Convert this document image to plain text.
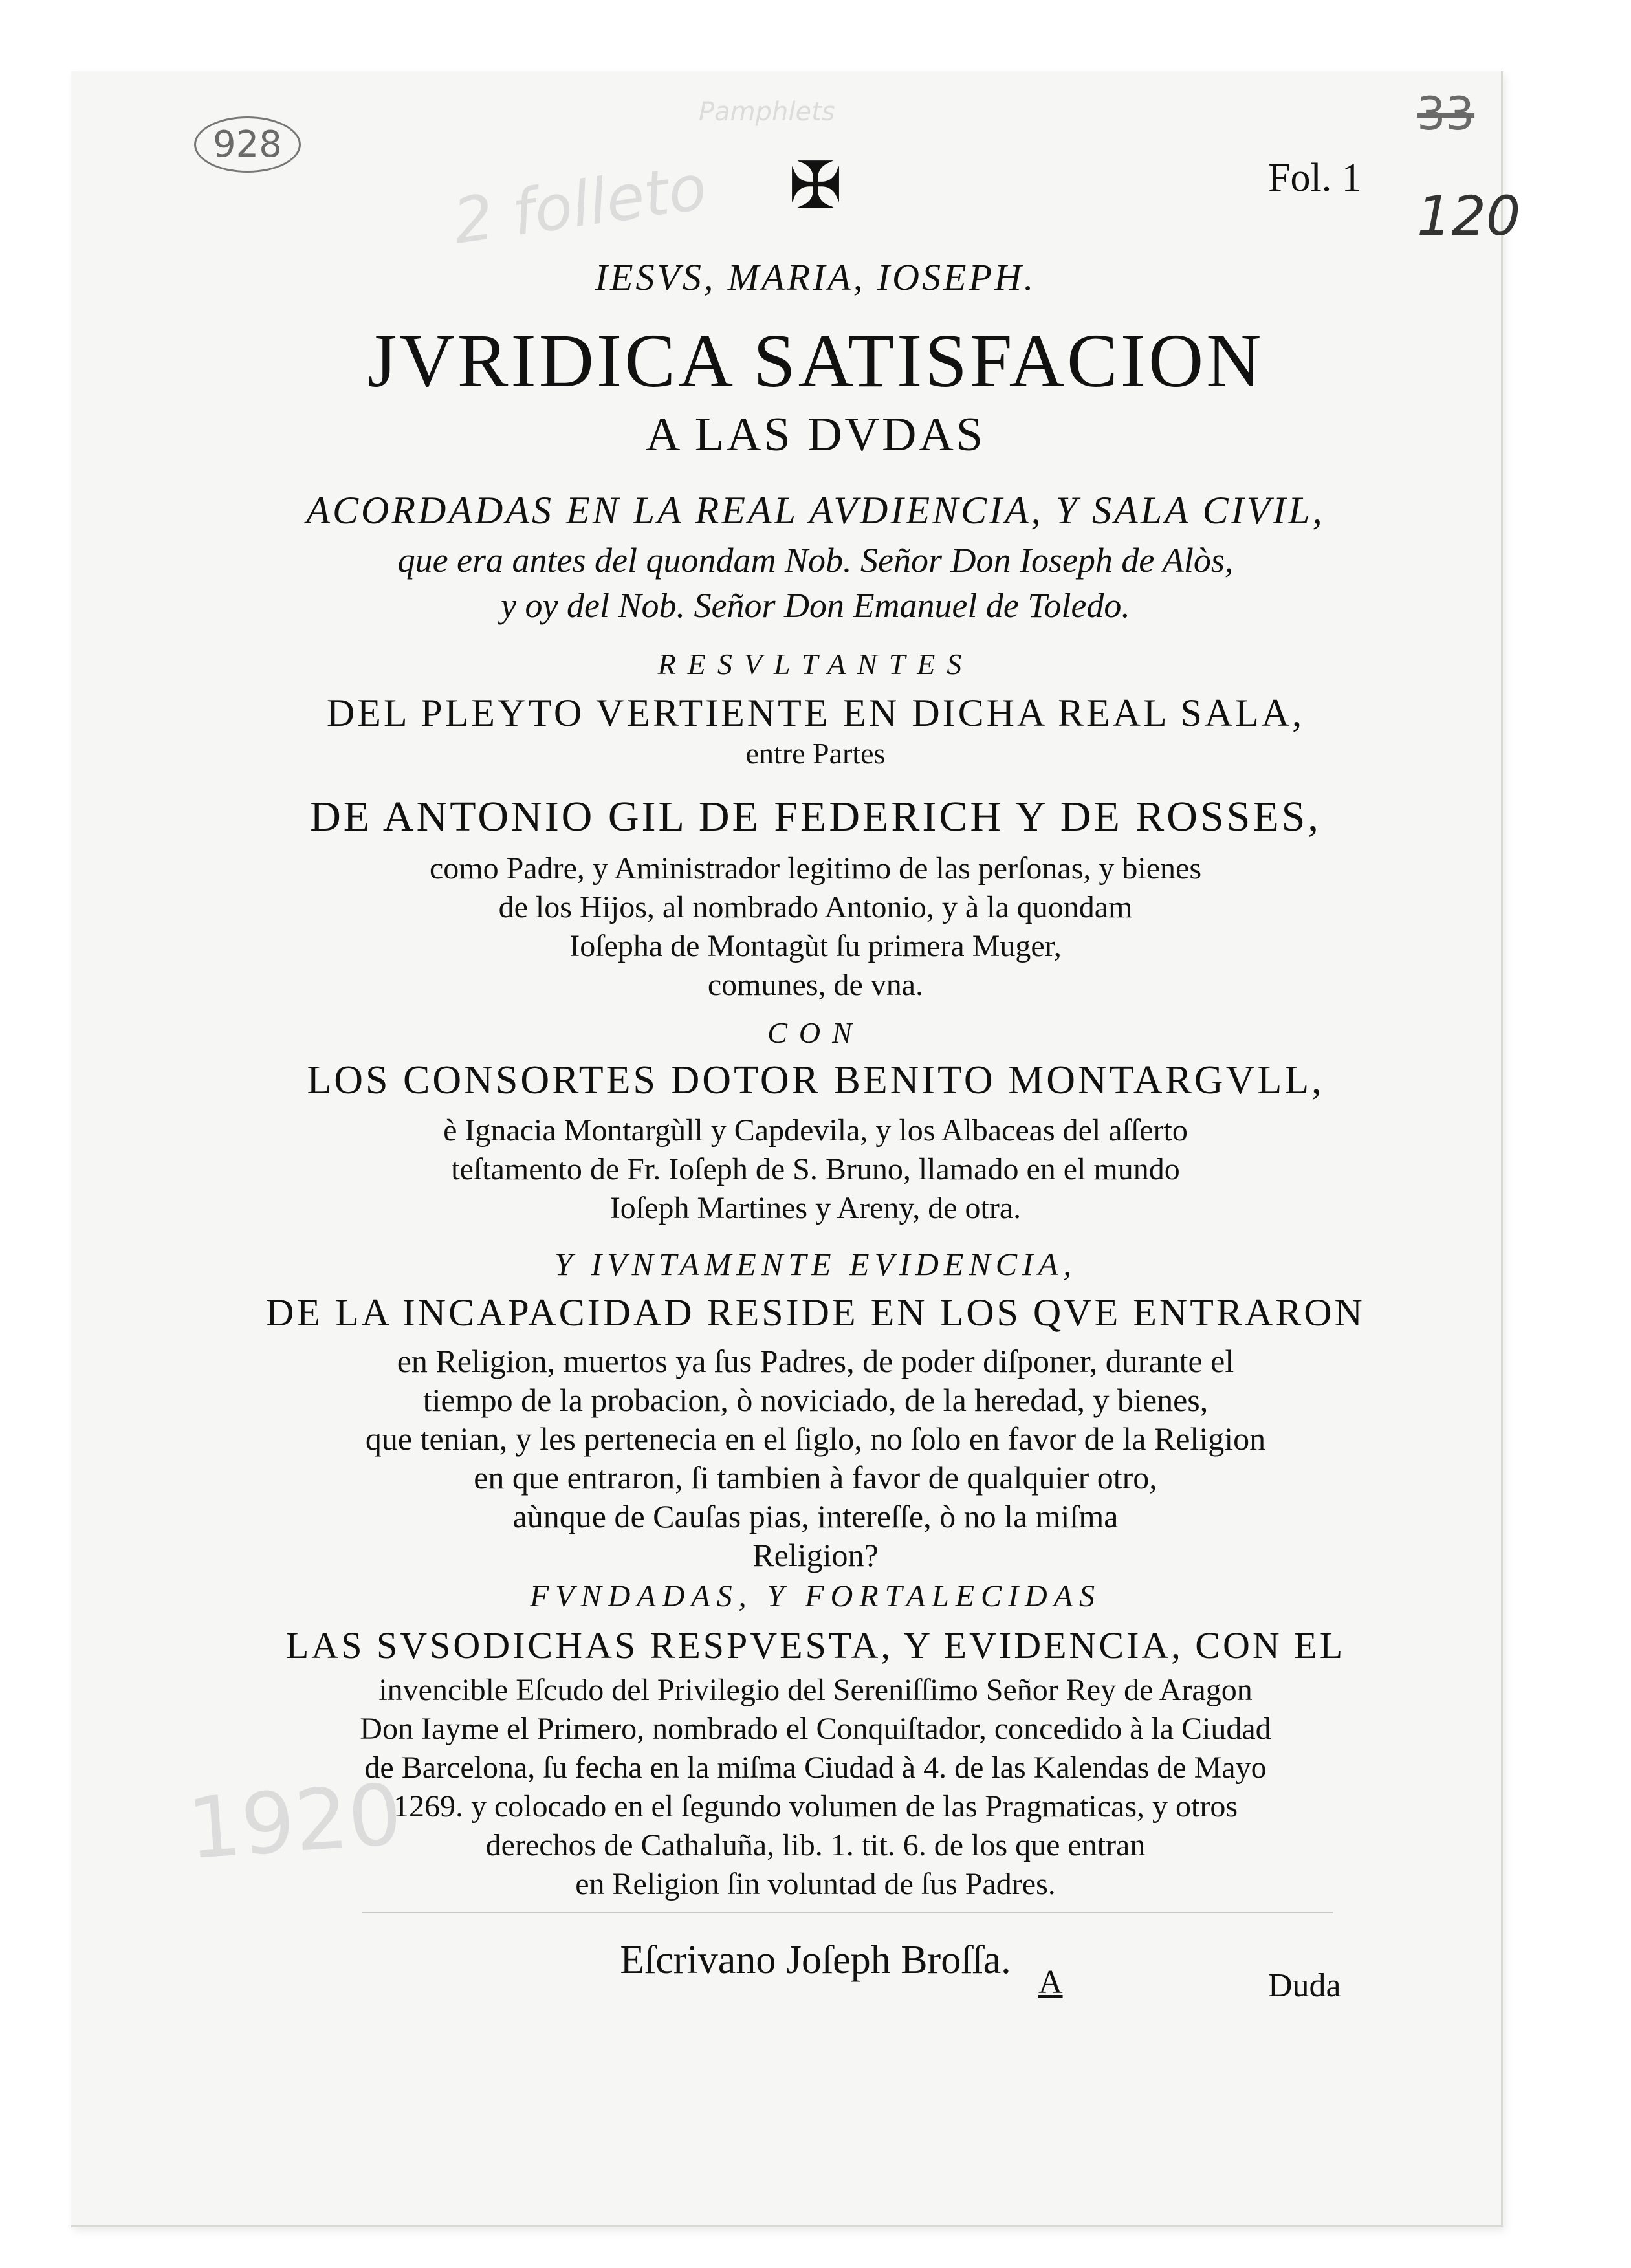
928
2 folleto
Pamphlets	33
120
1920
✠	Fol. 1
IESVS, MARIA, IOSEPH.
JVRIDICA SATISFACION
A LAS DVDAS
ACORDADAS EN LA REAL AVDIENCIA, Y SALA CIVIL,
que era antes del quondam Nob. Señor Don Ioseph de Alòs,
y oy del Nob. Señor Don Emanuel de Toledo.
RESVLTANTES
DEL PLEYTO VERTIENTE EN DICHA REAL SALA,
entre Partes
DE ANTONIO GIL DE FEDERICH Y DE ROSSES,
como Padre, y Aministrador legitimo de las perſonas, y bienes
de los Hijos, al nombrado Antonio, y à la quondam
Ioſepha de Montagùt ſu primera Muger,
comunes, de vna.
CON
LOS CONSORTES DOTOR BENITO MONTARGVLL,
è Ignacia Montargùll y Capdevila, y los Albaceas del aſſerto
teſtamento de Fr. Ioſeph de S. Bruno, llamado en el mundo
Ioſeph Martines y Areny, de otra.
Y IVNTAMENTE EVIDENCIA,
DE LA INCAPACIDAD RESIDE EN LOS QVE ENTRARON
en Religion, muertos ya ſus Padres, de poder diſponer, durante el
tiempo de la probacion, ò noviciado, de la heredad, y bienes,
que tenian, y les pertenecia en el ſiglo, no ſolo en favor de la Religion
en que entraron, ſi tambien à favor de qualquier otro,
aùnque de Cauſas pias, intereſſe, ò no la miſma
Religion?
FVNDADAS, Y FORTALECIDAS
LAS SVSODICHAS RESPVESTA, Y EVIDENCIA, CON EL
invencible Eſcudo del Privilegio del Sereniſſimo Señor Rey de Aragon
Don Iayme el Primero, nombrado el Conquiſtador, concedido à la Ciudad
de Barcelona, ſu fecha en la miſma Ciudad à 4. de las Kalendas de Mayo
1269. y colocado en el ſegundo volumen de las Pragmaticas, y otros
derechos de Cathaluña, lib. 1. tit. 6. de los que entran
en Religion ſin voluntad de ſus Padres.
Eſcrivano Joſeph Broſſa.
A	Duda
